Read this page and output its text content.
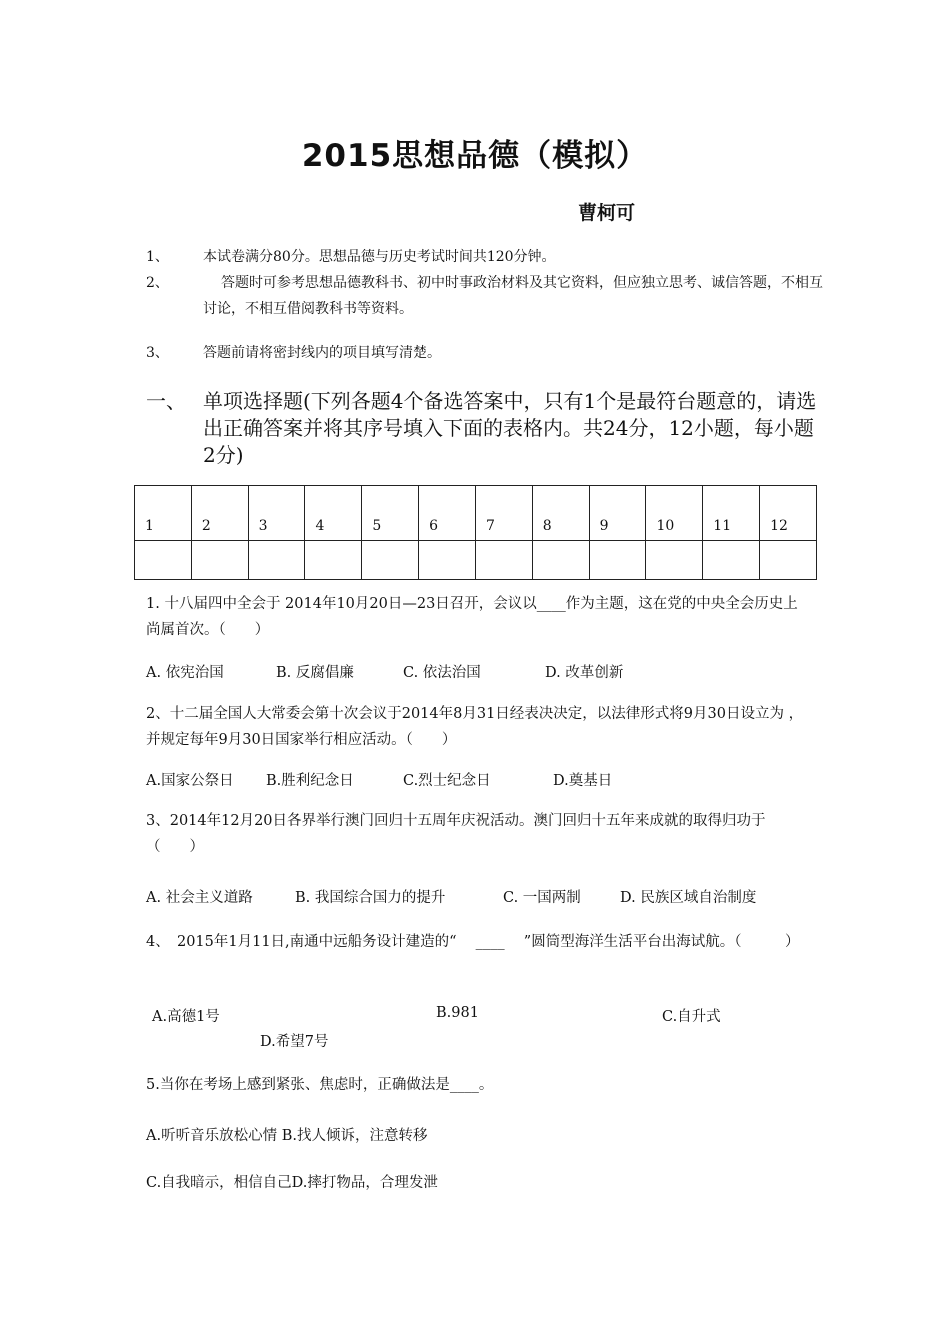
2015思想品德（模拟）
曹柯可
1、 本试卷满分80分。思想品德与历史考试时间共120分钟。
2、	答题时可参考思想品德教科书、初中时事政治材料及其它资料，但应独立思考、诚信答题，不相互讨论，不相互借阅教科书等资料。
3、 答题前请将密封线内的项目填写清楚。
一、 单项选择题(下列各题4个备选答案中，只有1个是最符台题意的，请选出正确答案并将其序号填入下面的表格内。共24分，12小题，每小题2分)
1	2	3	4	5	6	7	8	9	10	11	12

1. 十八届四中全会于 2014年10月20日—23日召开，会议以____作为主题，这在党的中央全会历史上尚属首次。（　　）
A. 依宪治国	B. 反腐倡廉	C. 依法治国	D. 改革创新
2、十二届全国人大常委会第十次会议于2014年8月31日经表决决定，以法律形式将9月30日设立为 ，并规定每年9月30日国家举行相应活动。（　　）
A.国家公祭日 B.胜利纪念日	C.烈士纪念日	D.奠基日
3、2014年12月20日各界举行澳门回归十五周年庆祝活动。澳门回归十五年来成就的取得归功于（　　）
A. 社会主义道路	B. 我国综合国力的提升	C. 一国两制	D. 民族区域自治制度
4、　2015年1月11日,南通中远船务设计建造的“　 ____　 ”圆筒型海洋生活平台出海试航。（　　　）
A.高德1号	B.981	C.自升式
D.希望7号
5.当你在考场上感到紧张、焦虑时，正确做法是____。
A.听听音乐放松心情 B.找人倾诉，注意转移
C.自我暗示，相信自己D.摔打物品，合理发泄
